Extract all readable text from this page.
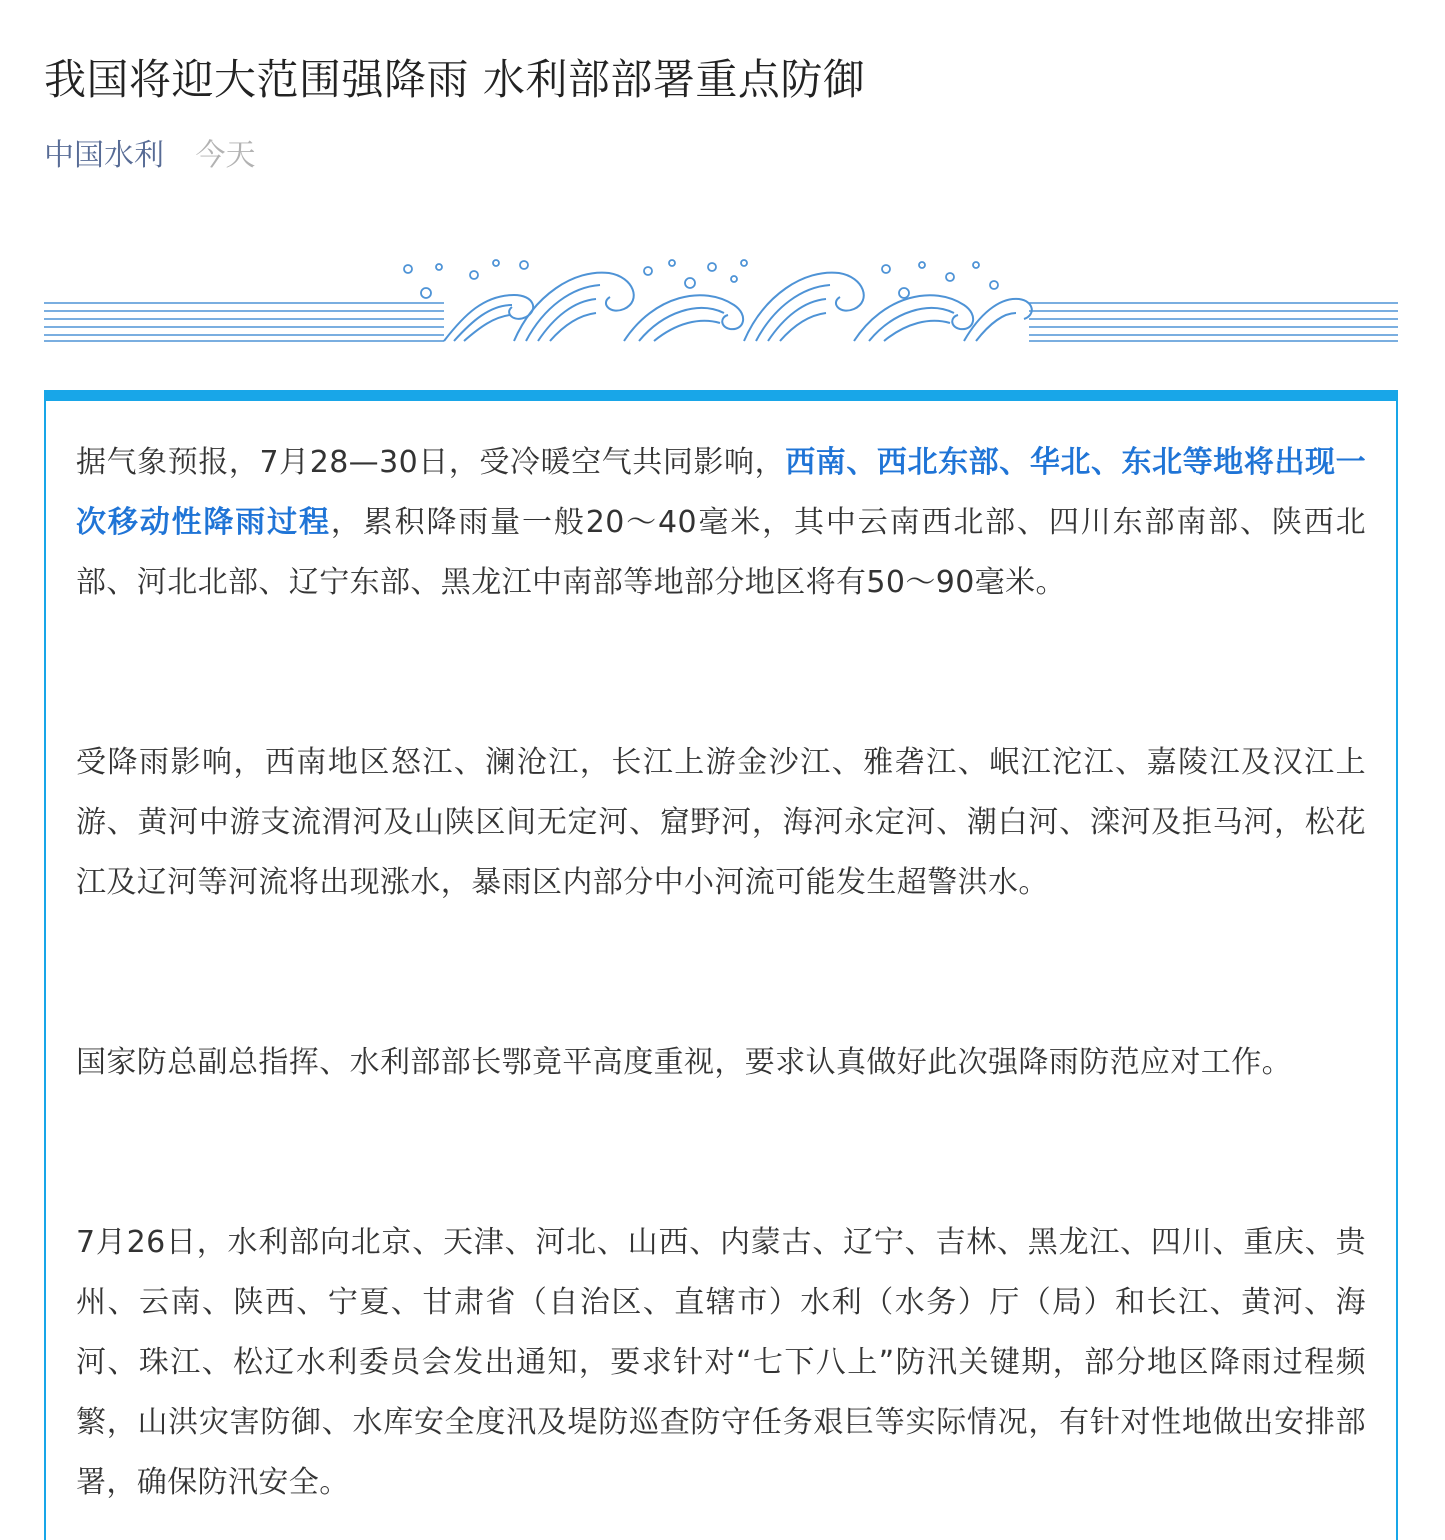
我国将迎大范围强降雨 水利部部署重点防御
中国水利 今天

据气象预报，7月28—30日，受冷暖空气共同影响，西南、西北东部、华北、东北等地将出现一次移动性降雨过程，累积降雨量一般20～40毫米，其中云南西北部、四川东部南部、陕西北部、河北北部、辽宁东部、黑龙江中南部等地部分地区将有50～90毫米。

受降雨影响，西南地区怒江、澜沧江，长江上游金沙江、雅砻江、岷江沱江、嘉陵江及汉江上游、黄河中游支流渭河及山陕区间无定河、窟野河，海河永定河、潮白河、滦河及拒马河，松花江及辽河等河流将出现涨水，暴雨区内部分中小河流可能发生超警洪水。

国家防总副总指挥、水利部部长鄂竟平高度重视，要求认真做好此次强降雨防范应对工作。

7月26日，水利部向北京、天津、河北、山西、内蒙古、辽宁、吉林、黑龙江、四川、重庆、贵州、云南、陕西、宁夏、甘肃省（自治区、直辖市）水利（水务）厅（局）和长江、黄河、海河、珠江、松辽水利委员会发出通知，要求针对“七下八上”防汛关键期，部分地区降雨过程频繁，山洪灾害防御、水库安全度汛及堤防巡查防守任务艰巨等实际情况，有针对性地做出安排部署，确保防汛安全。
